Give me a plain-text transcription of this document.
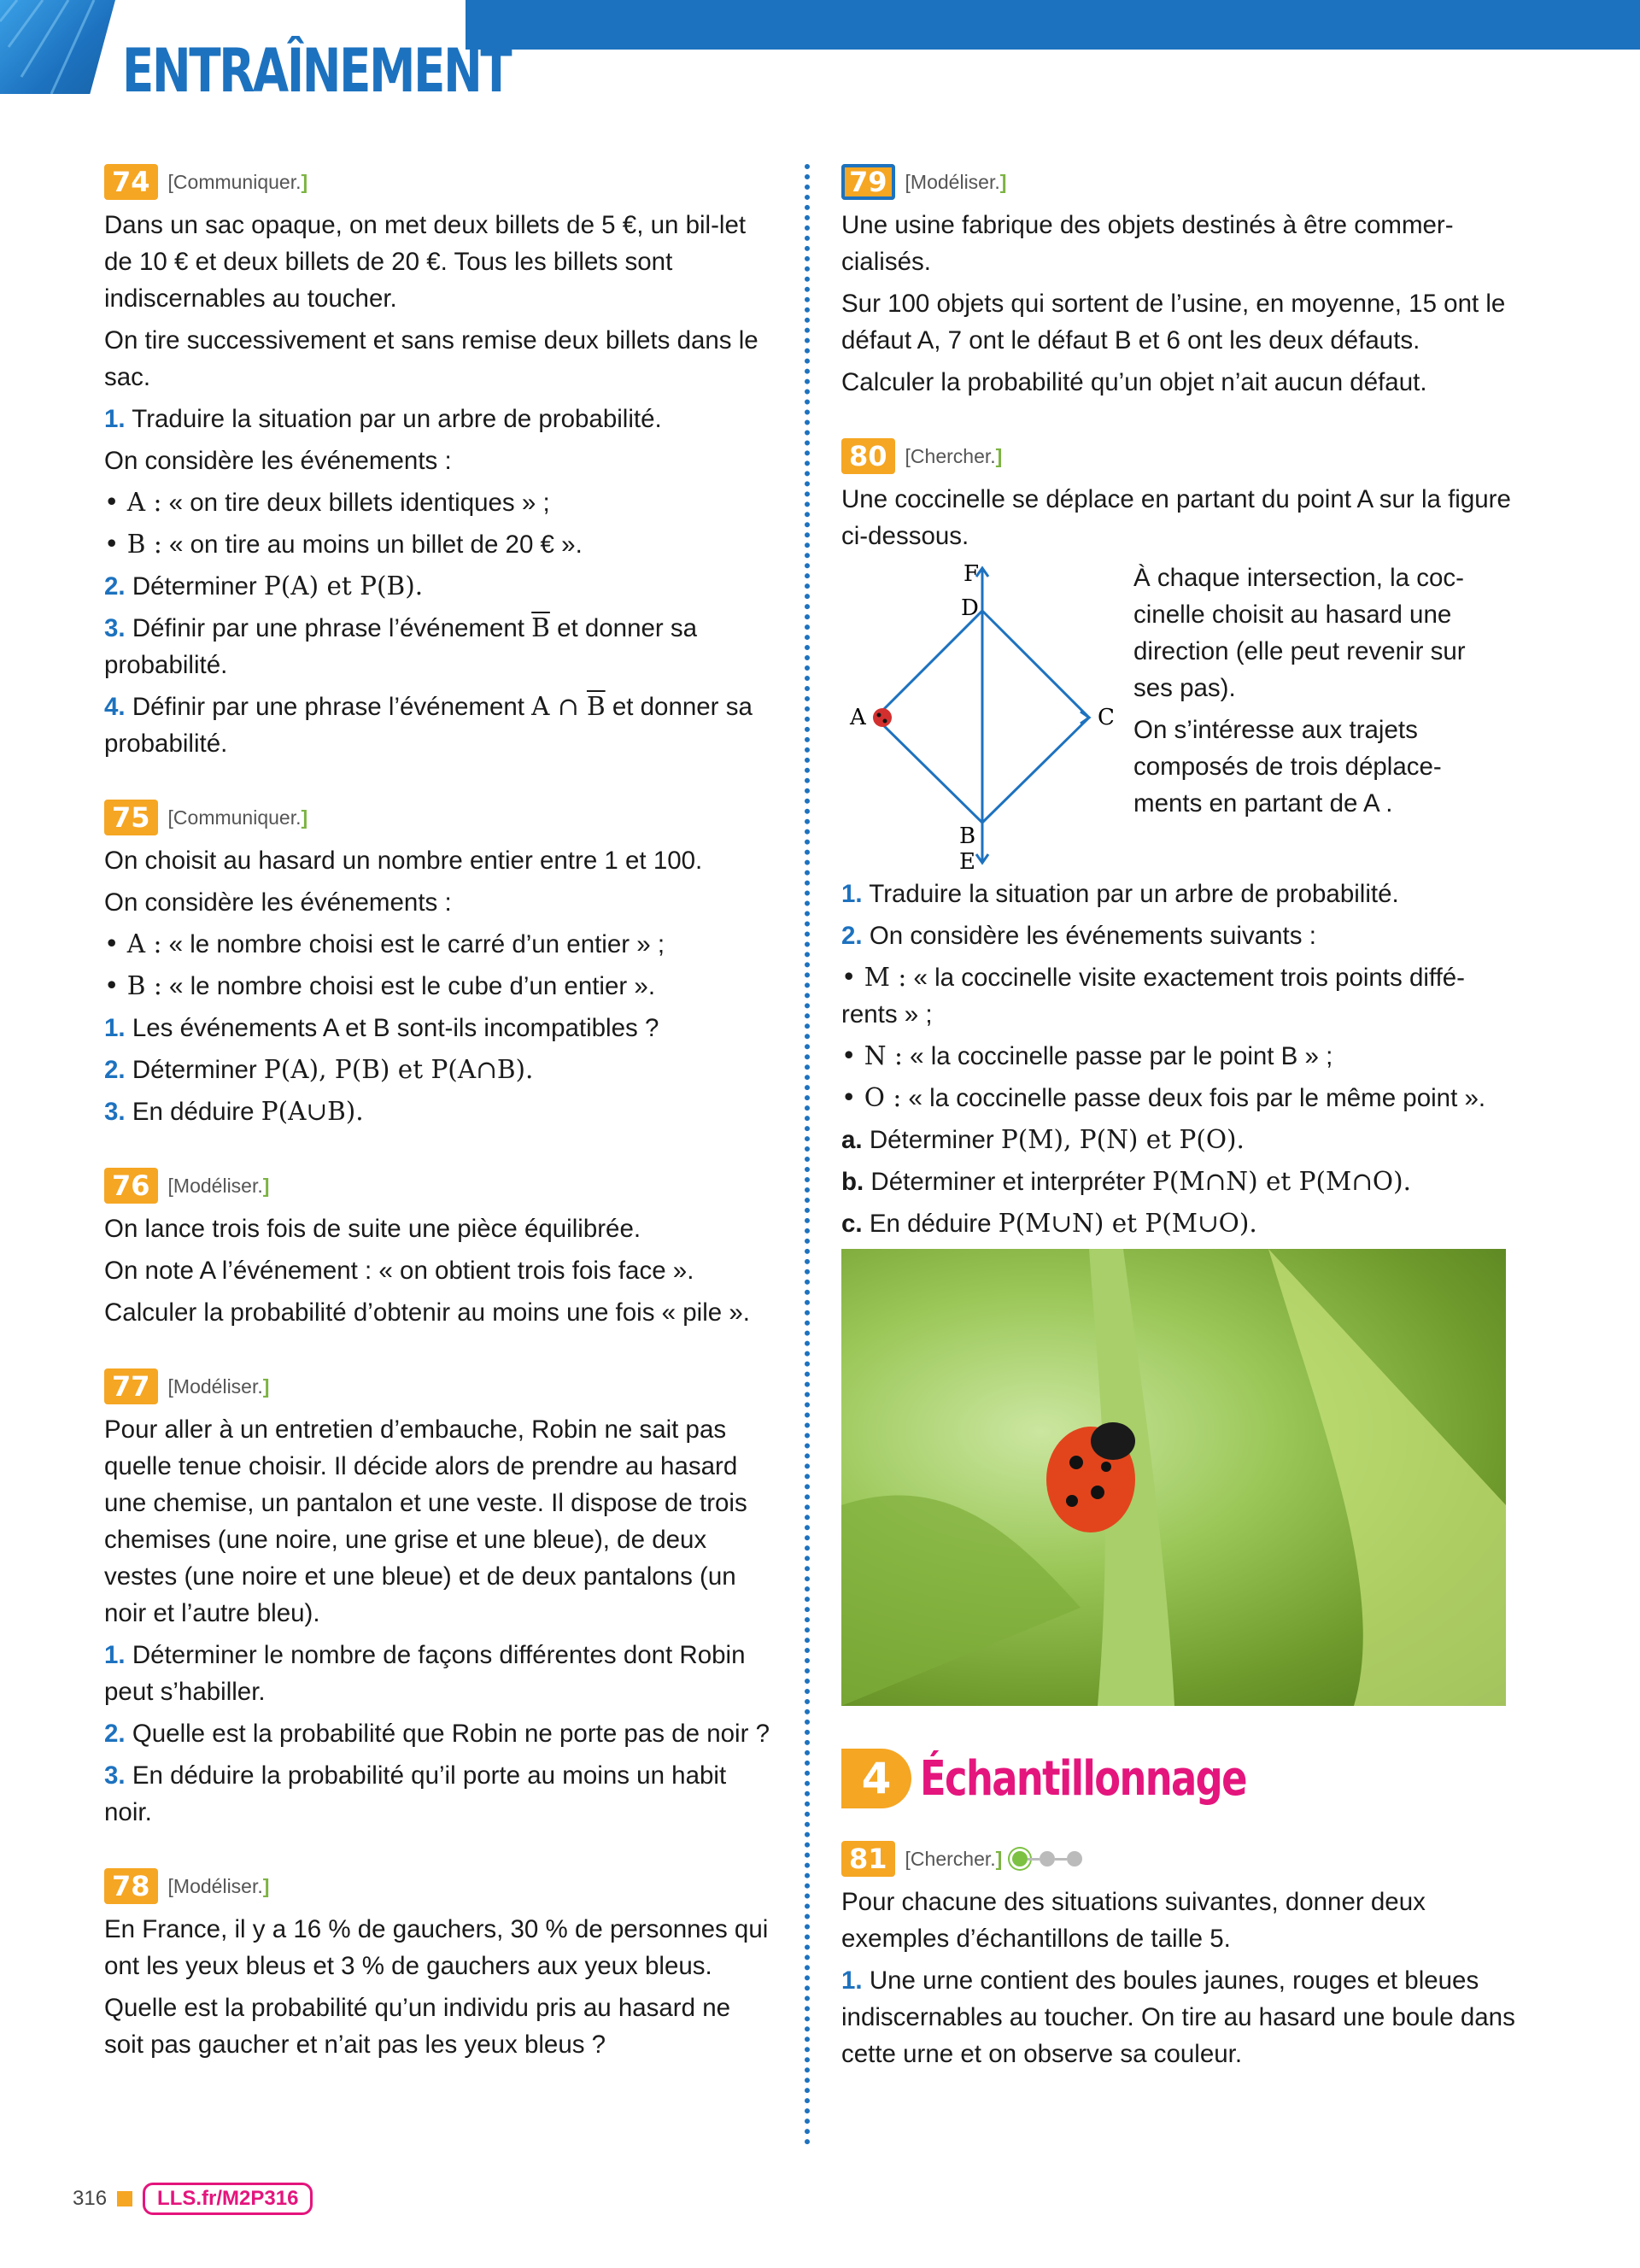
ENTRAÎNEMENT
74 [Communiquer.]

Dans un sac opaque, on met deux billets de 5 €, un bil-let de 10 € et deux billets de 20 €. Tous les billets sont indiscernables au toucher.

On tire successivement et sans remise deux billets dans le sac.

1. Traduire la situation par un arbre de probabilité.

On considère les événements :

• A : « on tire deux billets identiques » ;

• B : « on tire au moins un billet de 20 € ».

2. Déterminer P(A) et P(B).

3. Définir par une phrase l’événement $\overline{B}$ et donner sa probabilité.

4. Définir par une phrase l’événement A ∩ $\overline{B}$ et donner sa probabilité.

75 [Communiquer.]

On choisit au hasard un nombre entier entre 1 et 100.

On considère les événements :

• A : « le nombre choisi est le carré d’un entier » ;

• B : « le nombre choisi est le cube d’un entier ».

1. Les événements A et B sont-ils incompatibles ?

2. Déterminer P(A), P(B) et P(A∩B).

3. En déduire P(A∪B).

76 [Modéliser.]

On lance trois fois de suite une pièce équilibrée.

On note A l’événement : « on obtient trois fois face ».

Calculer la probabilité d’obtenir au moins une fois « pile ».

77 [Modéliser.]

Pour aller à un entretien d’embauche, Robin ne sait pas quelle tenue choisir. Il décide alors de prendre au hasard une chemise, un pantalon et une veste. Il dispose de trois chemises (une noire, une grise et une bleue), de deux vestes (une noire et une bleue) et de deux pantalons (un noir et l’autre bleu).

1. Déterminer le nombre de façons différentes dont Robin peut s’habiller.

2. Quelle est la probabilité que Robin ne porte pas de noir ?

3. En déduire la probabilité qu’il porte au moins un habit noir.

78 [Modéliser.]

En France, il y a 16 % de gauchers, 30 % de personnes qui ont les yeux bleus et 3 % de gauchers aux yeux bleus.

Quelle est la probabilité qu’un individu pris au hasard ne soit pas gaucher et n’ait pas les yeux bleus ?

79 [Modéliser.]

Une usine fabrique des objets destinés à être commer-cialisés.

Sur 100 objets qui sortent de l’usine, en moyenne, 15 ont le défaut A, 7 ont le défaut B et 6 ont les deux défauts.

Calculer la probabilité qu’un objet n’ait aucun défaut.

80 [Chercher.]

Une coccinelle se déplace en partant du point A sur la figure ci-dessous.

F
D
A	C
B
E

À chaque intersection, la coc-cinelle choisit au hasard une direction (elle peut revenir sur ses pas).

On s’intéresse aux trajets composés de trois déplace-ments en partant de A .

1. Traduire la situation par un arbre de probabilité.

2. On considère les événements suivants :

• M : « la coccinelle visite exactement trois points diffé-rents » ;

• N : « la coccinelle passe par le point B » ;

• O : « la coccinelle passe deux fois par le même point ».

a. Déterminer P(M), P(N) et P(O).

b. Déterminer et interpréter P(M∩N) et P(M∩O).

c. En déduire P(M∪N) et P(M∪O).

4 Échantillonnage
81 [Chercher.]

Pour chacune des situations suivantes, donner deux exemples d’échantillons de taille 5.

1. Une urne contient des boules jaunes, rouges et bleues indiscernables au toucher. On tire au hasard une boule dans cette urne et on observe sa couleur.

316	LLS.fr/M2P316
